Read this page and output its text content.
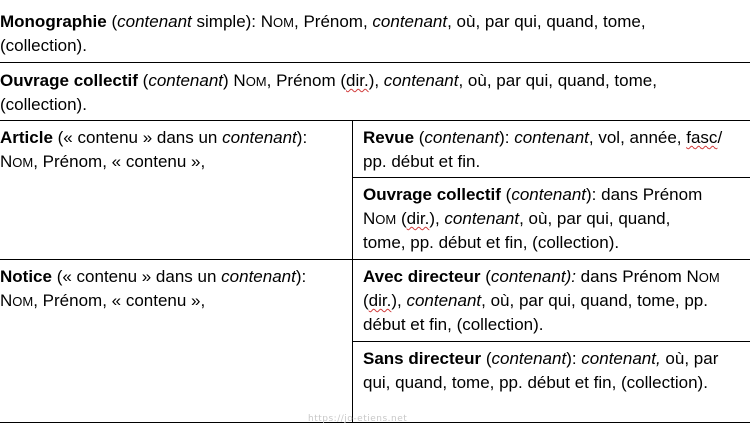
Monographie (contenant simple): NOM, Prénom, contenant, où, par qui, quand, tome,

(collection).

Ouvrage collectif (contenant) NOM, Prénom (dir.), contenant, où, par qui, quand, tome,

(collection).

Article (« contenu » dans un contenant):

NOM, Prénom, « contenu »,

Revue (contenant): contenant, vol, année, fasc/

pp. début et fin.

Ouvrage collectif (contenant): dans Prénom

NOM (dir.), contenant, où, par qui, quand,

tome, pp. début et fin, (collection).

Notice (« contenu » dans un contenant):

NOM, Prénom, « contenu »,

Avec directeur (contenant): dans Prénom NOM

(dir.), contenant, où, par qui, quand, tome, pp.

début et fin, (collection).

Sans directeur (contenant): contenant, où, par

qui, quand, tome, pp. début et fin, (collection).

https://jo-etiens.net
